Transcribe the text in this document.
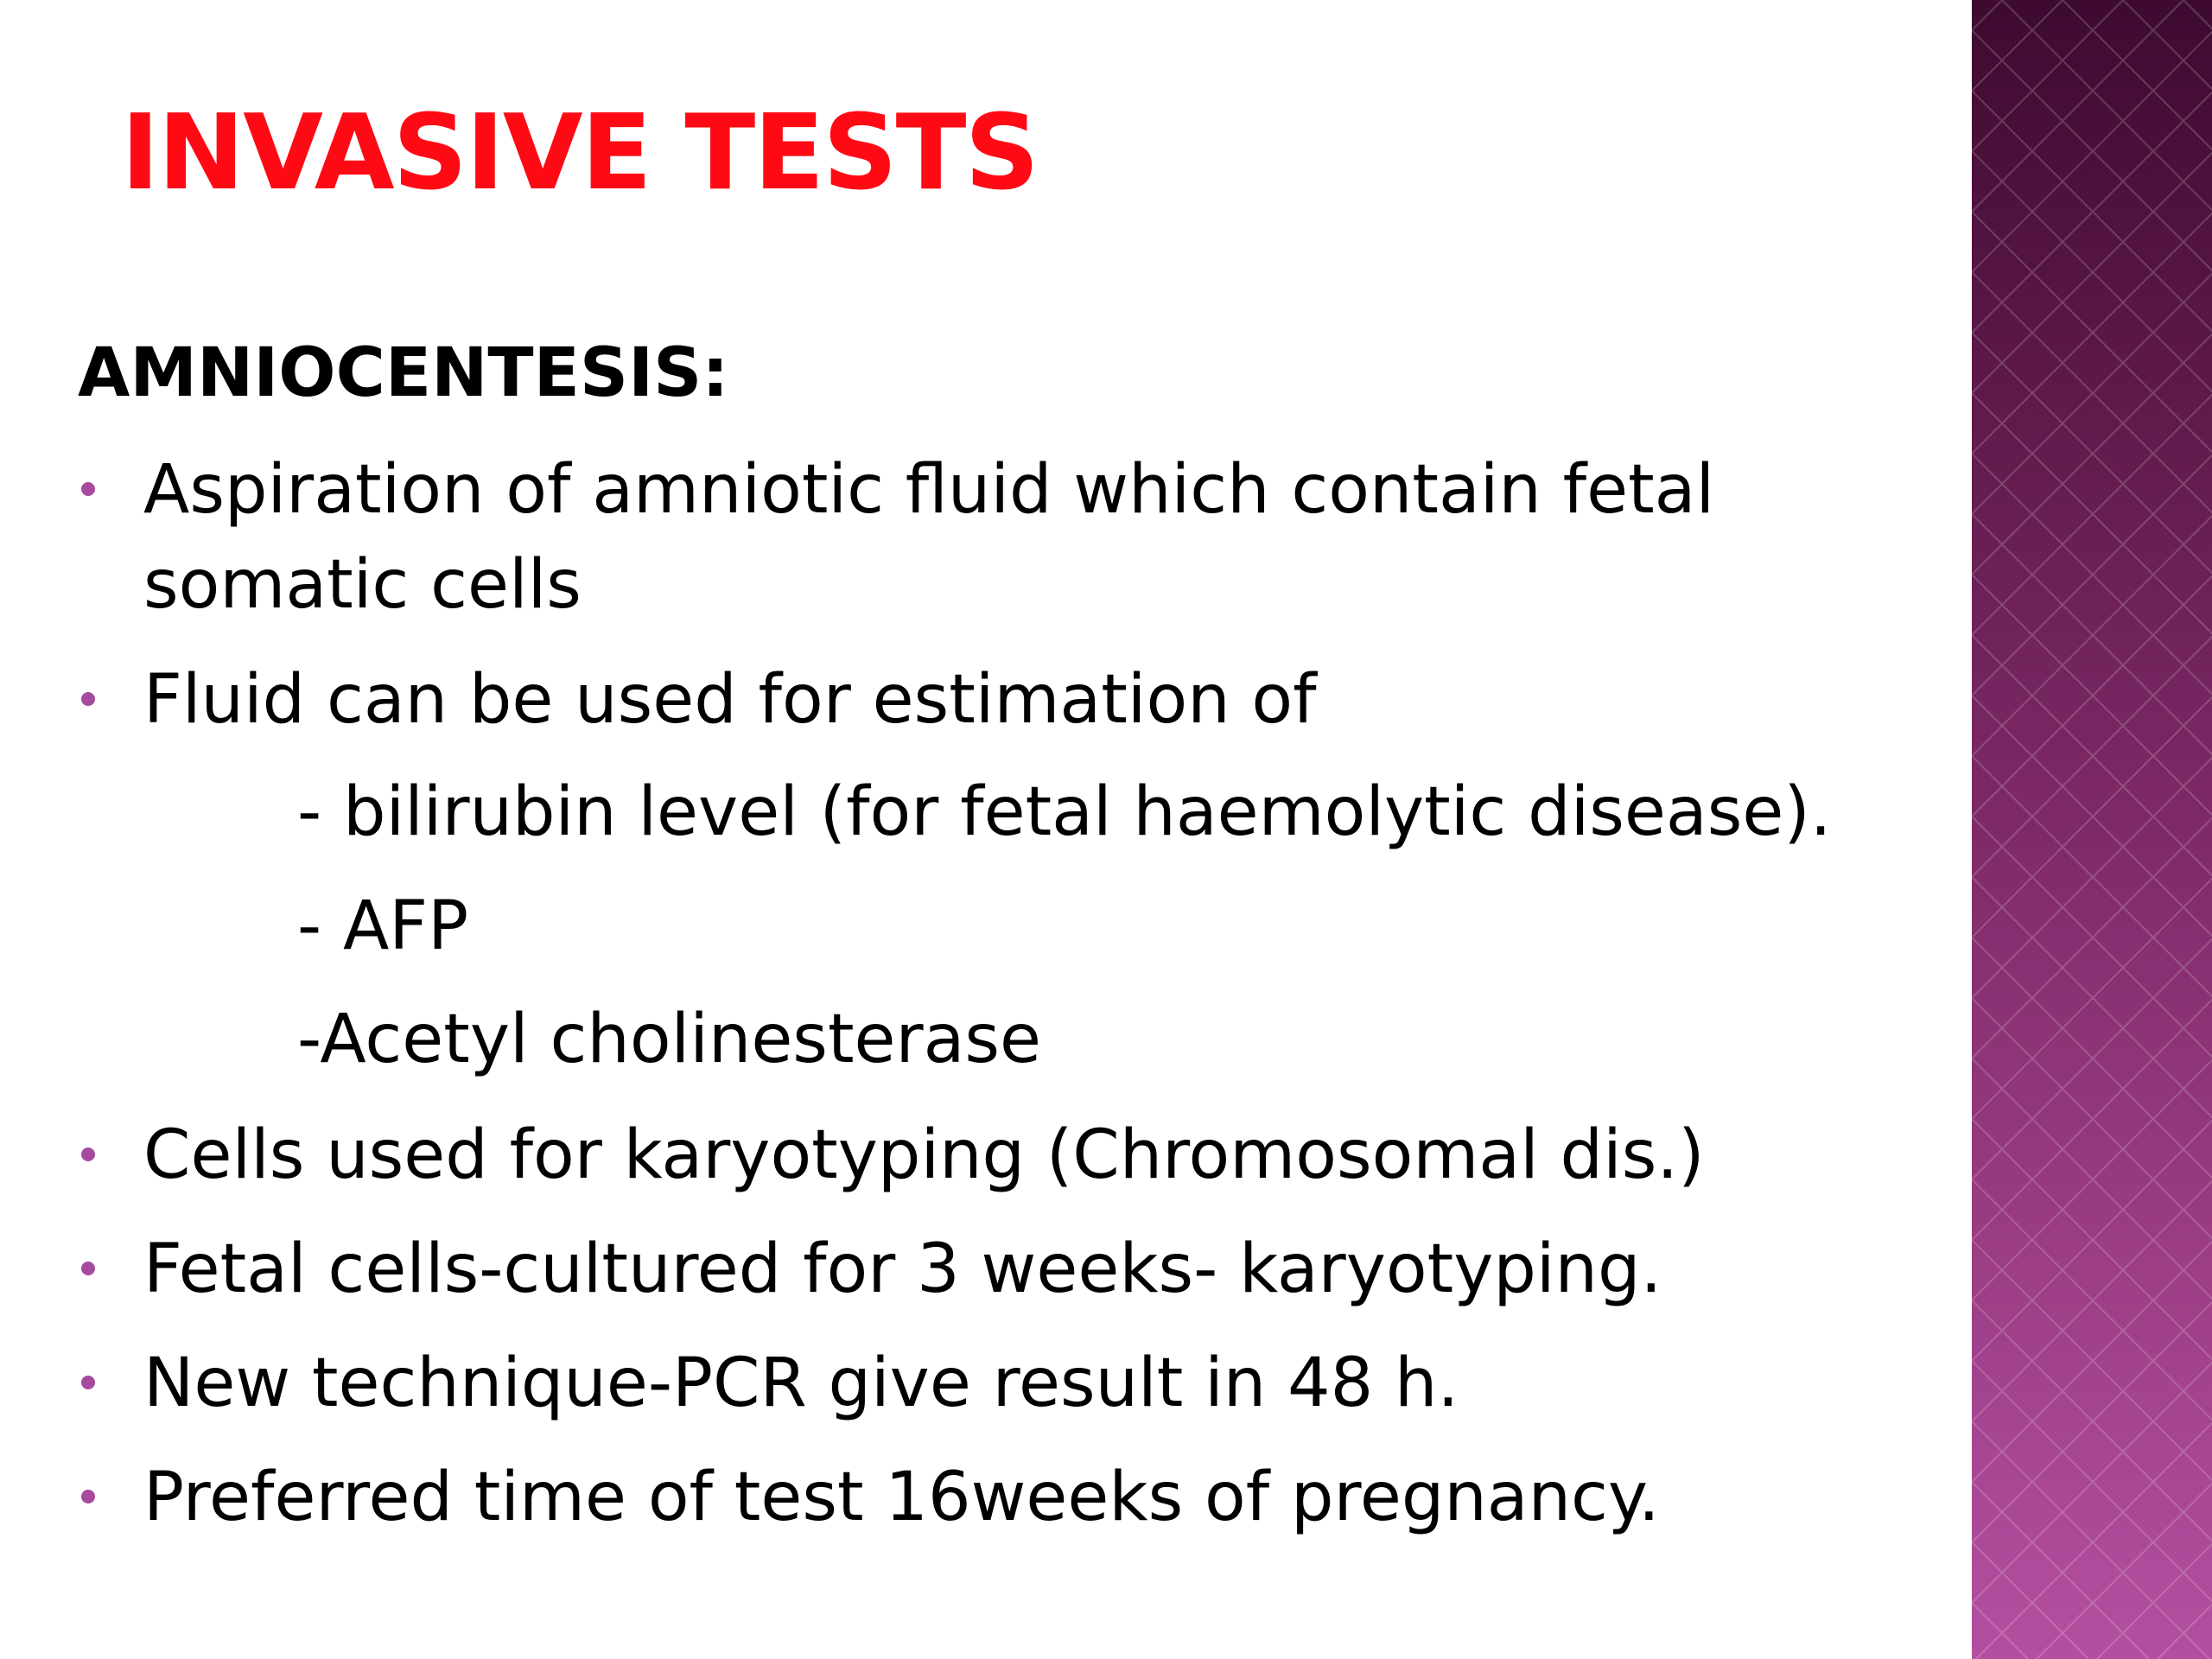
INVASIVE TESTS
AMNIOCENTESIS:
Aspiration of amniotic fluid which contain fetal
somatic cells
Fluid can be used for estimation of
- bilirubin level (for fetal haemolytic disease).
- AFP
-Acetyl cholinesterase
Cells used for karyotyping (Chromosomal dis.)
Fetal cells-cultured for 3 weeks- karyotyping.
New technique-PCR give result in 48 h.
Preferred time of test 16weeks of pregnancy.
